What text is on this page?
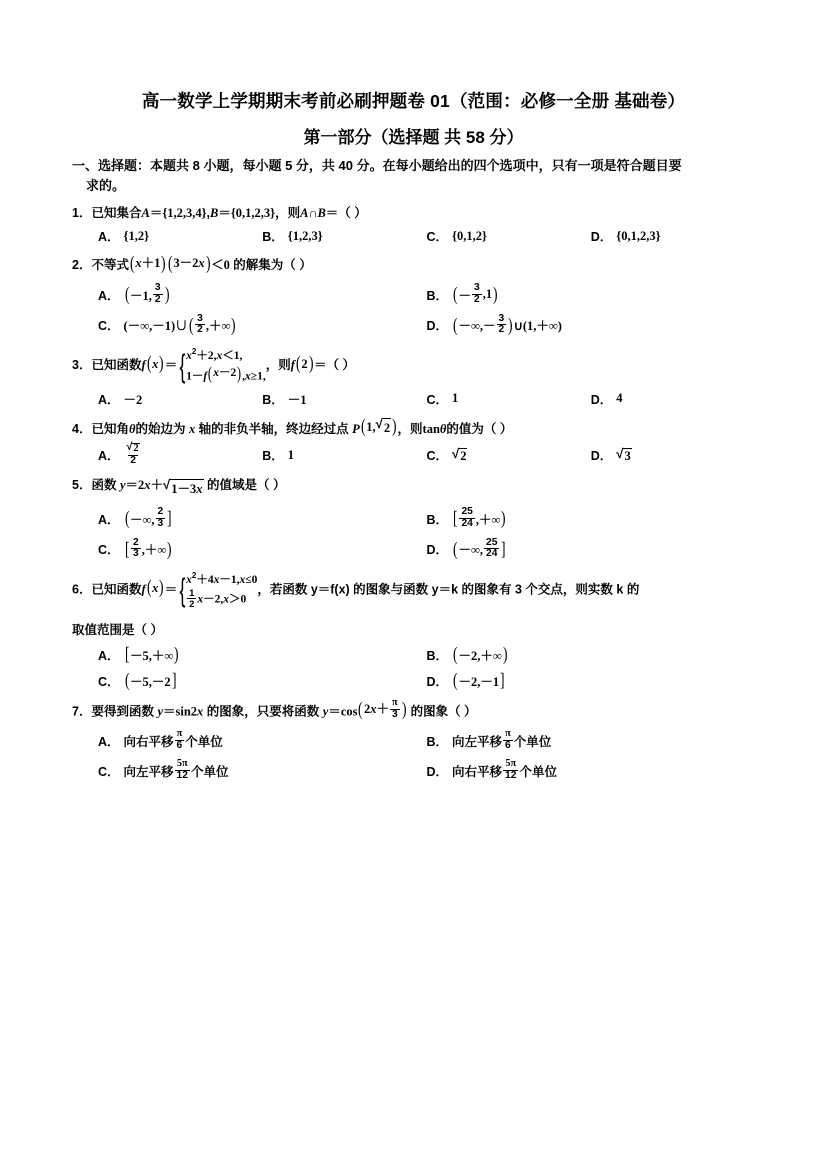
高一数学上学期期末考前必刷押题卷 01（范围：必修一全册 基础卷）
第一部分（选择题 共 58 分）
一、选择题：本题共 8 小题，每小题 5 分，共 40 分。在每小题给出的四个选项中，只有一项是符合题目要
求的。
1．已知集合A＝{1,2,3,4},B＝{0,1,2,3}，则A∩B＝（ ）
A． {1,2}	B． {1,2,3}	C． {0,1,2}	D． {0,1,2,3}
2．不等式 ( x ＋1 ) ( 3－2 x ) ＜0 的解集为（ ）
A． ( －1, $\frac{3}{2}$ )	B． ( － $\frac{3}{2} ,1$ )
C． (－∞,－1)∪ ( $\frac{3}{2}$ ,＋∞ )	D． ( －∞,－ $\frac{3}{2}$ ) ∪(1,＋∞)
3．已知函数f ( x ) ＝ { $x^2+2,x<1$,
1－f ( x －2 ) ,x≥1,
，则f ( 2 ) ＝（ ）
A． －2	B． －1	C． 1	D． 4
4．已知角θ的始边为 x 轴的非负半轴，终边经过点 P ( 1, √ 2 ) ，则tanθ的值为（ ）
A． $\frac{√ 2}{2}$	B． 1	C． √ 2	D． √ 3
5．函数 y＝2x＋ √ 1－3x 的值域是（ ）
A． ( －∞, $\frac{2}{3}$ ]	B． [ $\frac{25}{24}$ ,＋∞ )
C． [ $\frac{2}{3}$ ,＋∞ )	D． ( －∞, $\frac{25}{24}$ ]
6．已知函数f ( x ) ＝ { $x^2+4x-1,x\le 0$
$\frac{1}{2} x-2,x>0$
，若函数 y＝f(x) 的图象与函数 y＝k 的图象有 3 个交点，则实数 k 的
取值范围是（ ）
A． [ －5,＋∞ )	B． ( －2,＋∞ )
C． ( －5,－2 ]	D． ( －2,－1 ]
7．要得到函数 y＝sin2x 的图象，只要将函数 y＝cos ( 2 $x + \frac{\pi}{3}$ ) 的图象（ ）
A． 向右平移 $\frac{\pi}{6}$ 个单位	B． 向左平移 $\frac{\pi}{6}$ 个单位
C． 向左平移 $\frac{5\pi}{12}$ 个单位	D． 向右平移 $\frac{5\pi}{12}$ 个单位
